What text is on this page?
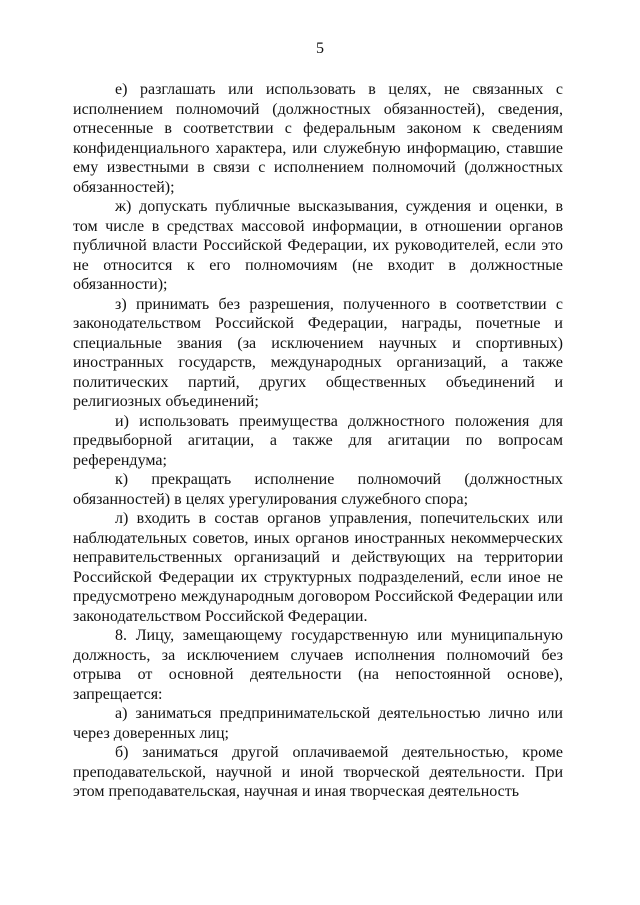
5

е) разглашать или использовать в целях, не связанных с исполнением полномочий (должностных обязанностей), сведения, отнесенные в соответствии с федеральным законом к сведениям конфиденциального характера, или служебную информацию, ставшие ему известными в связи с исполнением полномочий (должностных обязанностей);

ж) допускать публичные высказывания, суждения и оценки, в том числе в средствах массовой информации, в отношении органов публичной власти Российской Федерации, их руководителей, если это не относится к его полномочиям (не входит в должностные обязанности);

з) принимать без разрешения, полученного в соответствии с законодательством Российской Федерации, награды, почетные и специальные звания (за исключением научных и спортивных) иностранных государств, международных организаций, а также политических партий, других общественных объединений и религиозных объединений;

и) использовать преимущества должностного положения для предвыборной агитации, а также для агитации по вопросам референдума;

к) прекращать исполнение полномочий (должностных обязанностей) в целях урегулирования служебного спора;

л) входить в состав органов управления, попечительских или наблюдательных советов, иных органов иностранных некоммерческих неправительственных организаций и действующих на территории Российской Федерации их структурных подразделений, если иное не предусмотрено международным договором Российской Федерации или законодательством Российской Федерации.

8. Лицу, замещающему государственную или муниципальную должность, за исключением случаев исполнения полномочий без отрыва от основной деятельности (на непостоянной основе), запрещается:

а) заниматься предпринимательской деятельностью лично или через доверенных лиц;

б) заниматься другой оплачиваемой деятельностью, кроме преподавательской, научной и иной творческой деятельности. При этом преподавательская, научная и иная творческая деятельность
